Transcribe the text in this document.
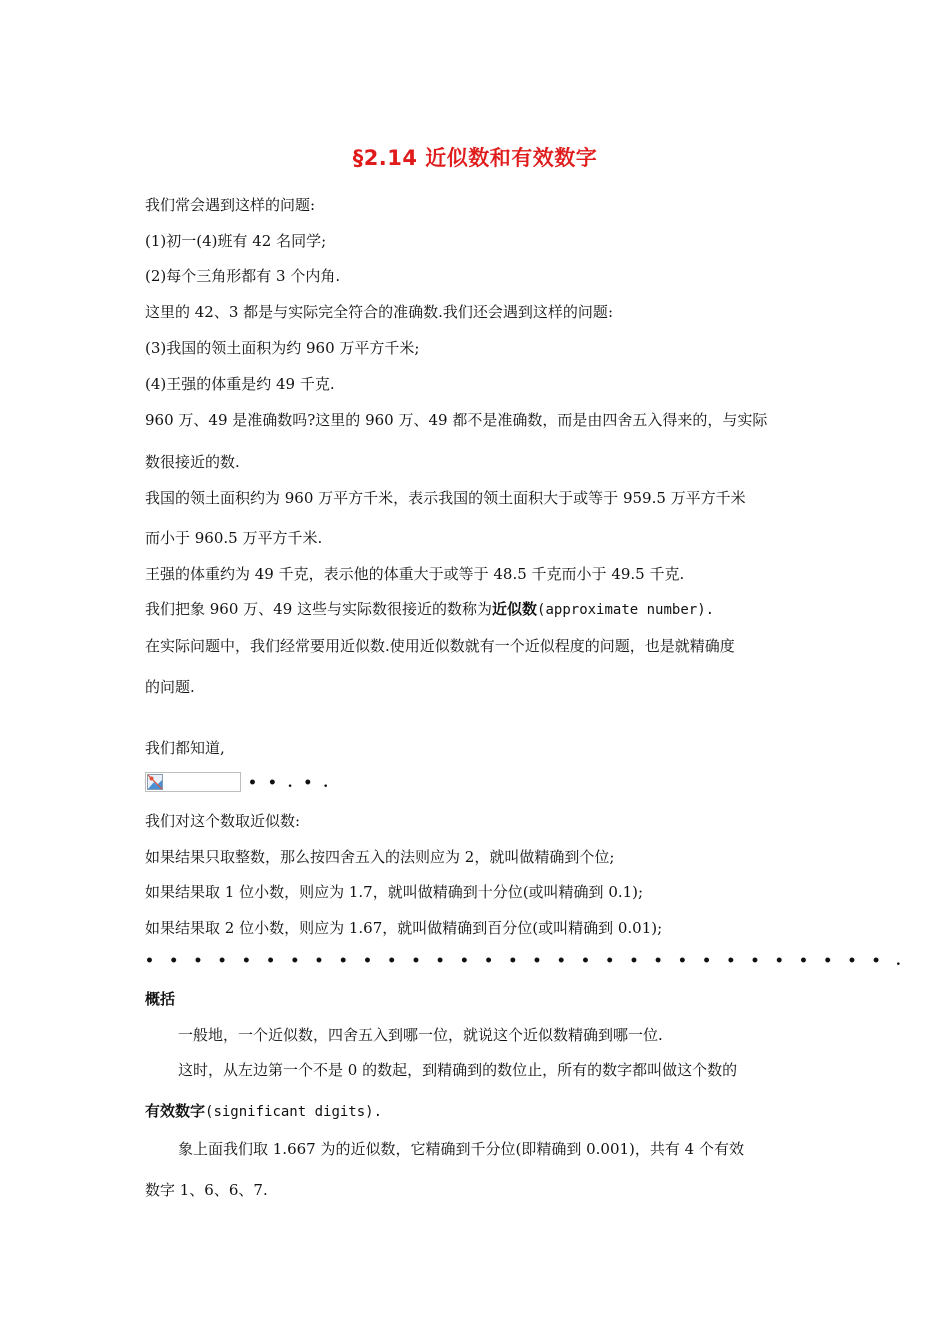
§2.14 近似数和有效数字
我们常会遇到这样的问题:
(1)初一(4)班有 42 名同学;
(2)每个三角形都有 3 个内角.
这里的 42、3 都是与实际完全符合的准确数.我们还会遇到这样的问题:
(3)我国的领土面积为约 960 万平方千米;
(4)王强的体重是约 49 千克.
960 万、49 是准确数吗?这里的 960 万、49 都不是准确数，而是由四舍五入得来的，与实际
数很接近的数.
我国的领土面积约为 960 万平方千米，表示我国的领土面积大于或等于 959.5 万平方千米
而小于 960.5 万平方千米.
王强的体重约为 49 千克，表示他的体重大于或等于 48.5 千克而小于 49.5 千克.
我们把象 960 万、49 这些与实际数很接近的数称为近似数(approximate number).
在实际问题中，我们经常要用近似数.使用近似数就有一个近似程度的问题，也是就精确度
的问题.
我们都知道,
• • . • .
我们对这个数取近似数:
如果结果只取整数，那么按四舍五入的法则应为 2，就叫做精确到个位;
如果结果取 1 位小数，则应为 1.7，就叫做精确到十分位(或叫精确到 0.1);
如果结果取 2 位小数，则应为 1.67，就叫做精确到百分位(或叫精确到 0.01);
• • • • • • • • • • • • • • • • • • • • • • • • • • • • • • • .
概括
一般地，一个近似数，四舍五入到哪一位，就说这个近似数精确到哪一位.
这时，从左边第一个不是 0 的数起，到精确到的数位止，所有的数字都叫做这个数的
有效数字(significant digits).
象上面我们取 1.667 为的近似数，它精确到千分位(即精确到 0.001)，共有 4 个有效
数字 1、6、6、7.
